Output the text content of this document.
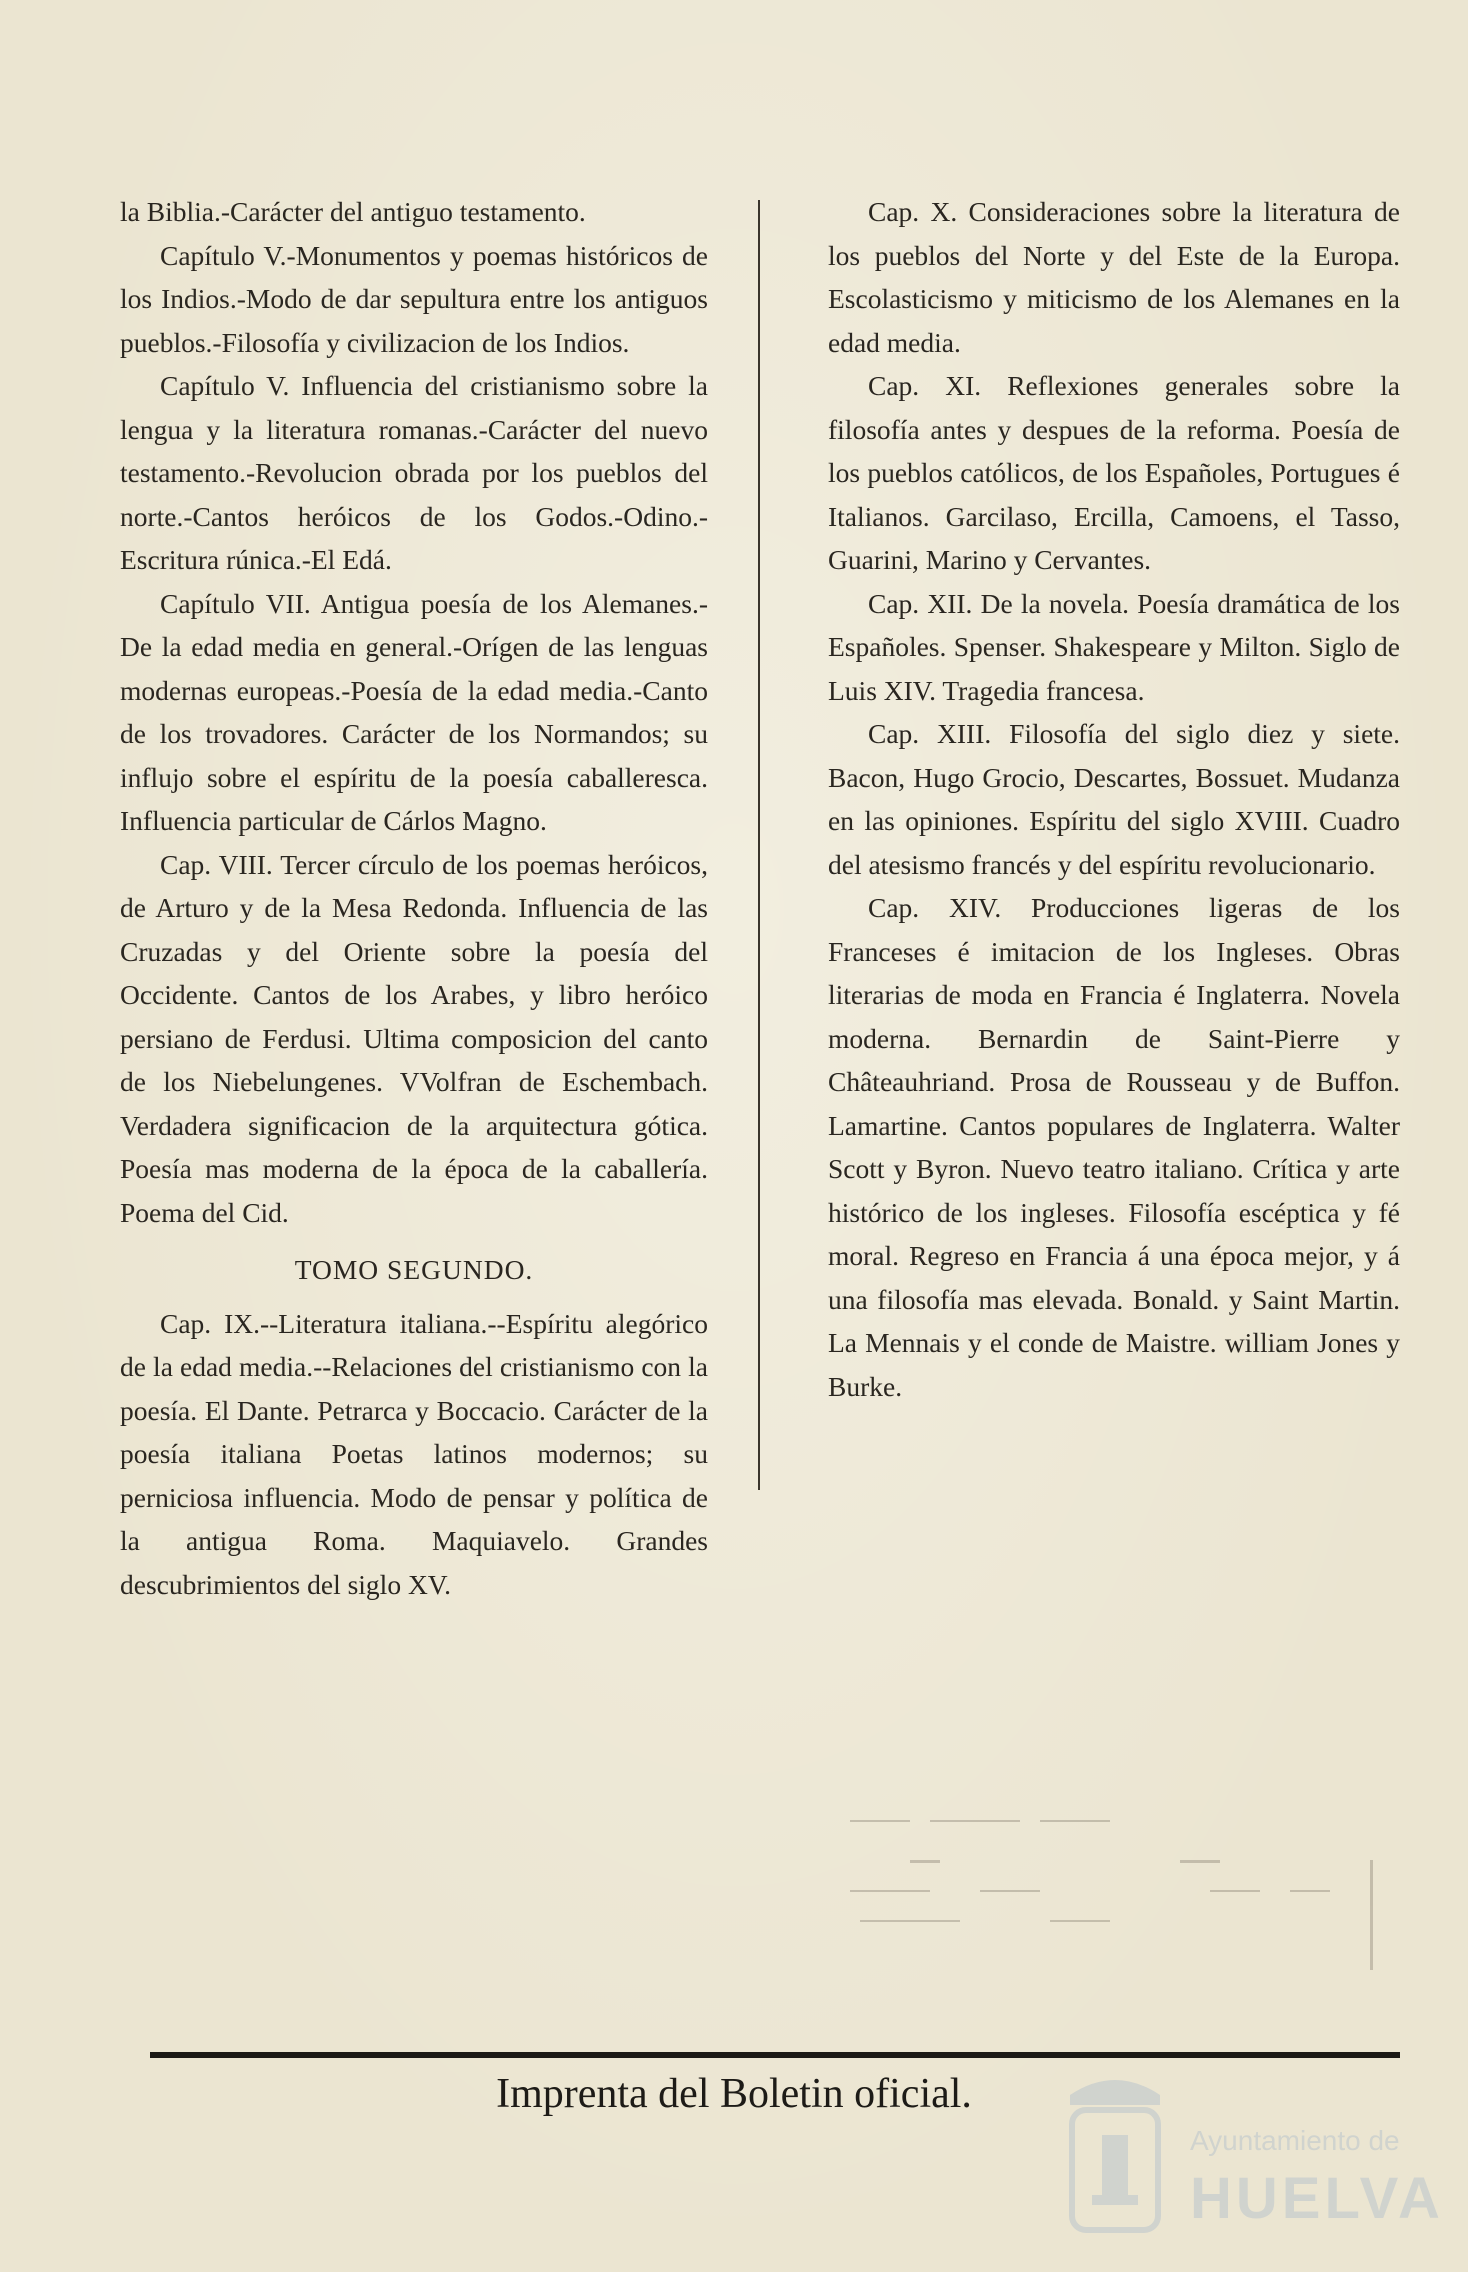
la Biblia.-Carácter del antiguo testamento.

Capítulo V.-Monumentos y poemas históricos de los Indios.-Modo de dar sepultura entre los antiguos pueblos.-Filosofía y civilizacion de los Indios.

Capítulo V. Influencia del cristianismo sobre la lengua y la literatura romanas.-Carácter del nuevo testamento.-Revolucion obrada por los pueblos del norte.-Cantos heróicos de los Godos.-Odino.-Escritura rúnica.-El Edá.

Capítulo VII. Antigua poesía de los Alemanes.-De la edad media en general.-Orígen de las lenguas modernas europeas.-Poesía de la edad media.-Canto de los trovadores. Carácter de los Normandos; su influjo sobre el espíritu de la poesía caballeresca. Influencia particular de Cárlos Magno.

Cap. VIII. Tercer círculo de los poemas heróicos, de Arturo y de la Mesa Redonda. Influencia de las Cruzadas y del Oriente sobre la poesía del Occidente. Cantos de los Arabes, y libro heróico persiano de Ferdusi. Ultima composicion del canto de los Niebelungenes. VVolfran de Eschembach. Verdadera significacion de la arquitectura gótica. Poesía mas moderna de la época de la caballería. Poema del Cid.

TOMO SEGUNDO.

Cap. IX.--Literatura italiana.--Espíritu alegórico de la edad media.--Relaciones del cristianismo con la poesía. El Dante. Petrarca y Boccacio. Carácter de la poesía italiana Poetas latinos modernos; su perniciosa influencia. Modo de pensar y política de la antigua Roma. Maquiavelo. Grandes descubrimientos del siglo XV.

Cap. X. Consideraciones sobre la literatura de los pueblos del Norte y del Este de la Europa. Escolasticismo y miticismo de los Alemanes en la edad media.

Cap. XI. Reflexiones generales sobre la filosofía antes y despues de la reforma. Poesía de los pueblos católicos, de los Españoles, Portugues é Italianos. Garcilaso, Ercilla, Camoens, el Tasso, Guarini, Marino y Cervantes.

Cap. XII. De la novela. Poesía dramática de los Españoles. Spenser. Shakespeare y Milton. Siglo de Luis XIV. Tragedia francesa.

Cap. XIII. Filosofía del siglo diez y siete. Bacon, Hugo Grocio, Descartes, Bossuet. Mudanza en las opiniones. Espíritu del siglo XVIII. Cuadro del atesismo francés y del espíritu revolucionario.

Cap. XIV. Producciones ligeras de los Franceses é imitacion de los Ingleses. Obras literarias de moda en Francia é Inglaterra. Novela moderna. Bernardin de Saint-Pierre y Châteauhriand. Prosa de Rousseau y de Buffon. Lamartine. Cantos populares de Inglaterra. Walter Scott y Byron. Nuevo teatro italiano. Crítica y arte histórico de los ingleses. Filosofía escéptica y fé moral. Regreso en Francia á una época mejor, y á una filosofía mas elevada. Bonald. y Saint Martin. La Mennais y el conde de Maistre. william Jones y Burke.

Imprenta del Boletin oficial.
Ayuntamiento de
HUELVA
